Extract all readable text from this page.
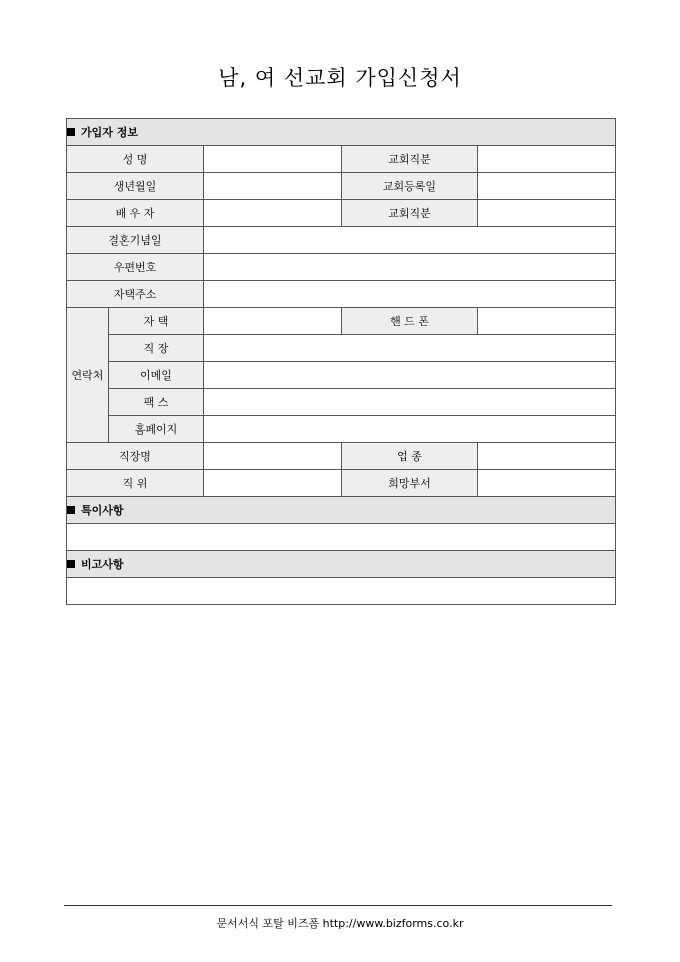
남, 여 선교회 가입신청서
가입자 정보				
성 명			교회직분	
생년월일			교회등록일	
배 우 자			교회직분	
결혼기념일				
우편번호				
자택주소				
연락처	자 택		핸 드 폰	
	직 장			
	이메일			
	팩 스			
	홈페이지			
직장명			업 종	
직 위			희망부서	
특이사항				

비고사항				

문서서식 포탈 비즈폼 http://www.bizforms.co.kr
